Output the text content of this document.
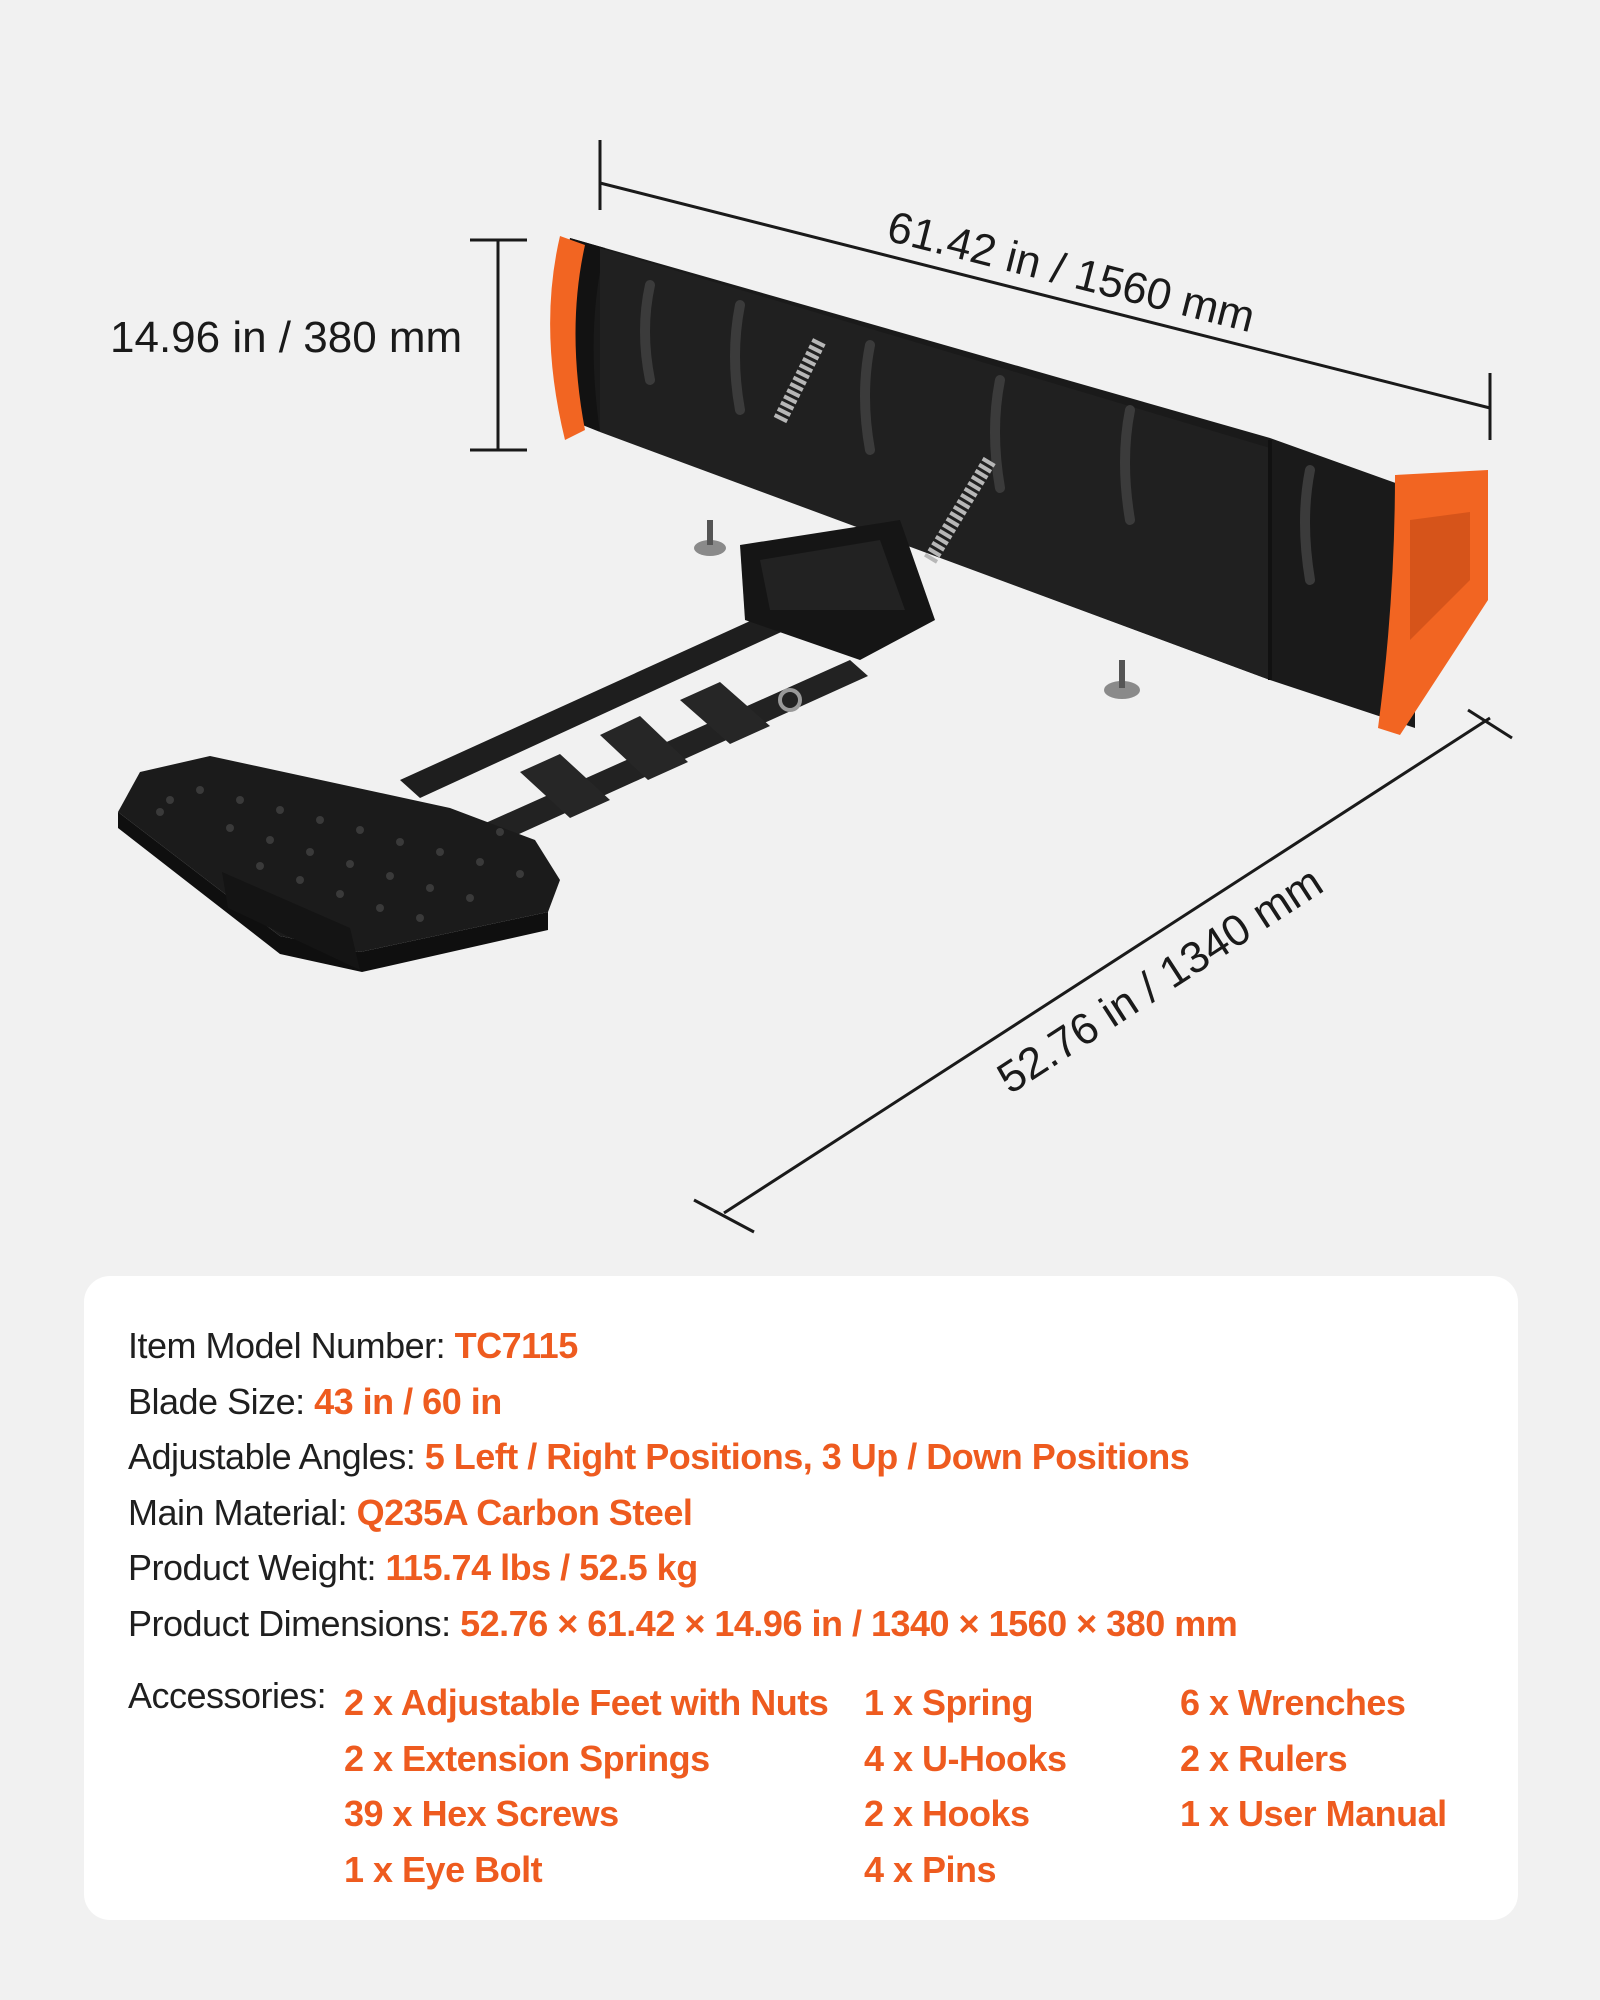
61.42 in / 1560 mm
14.96 in / 380 mm
52.76 in / 1340 mm
Item Model Number: TC7115
Blade Size: 43 in / 60 in
Adjustable Angles: 5 Left / Right Positions, 3 Up / Down Positions
Main Material: Q235A Carbon Steel
Product Weight: 115.74 lbs / 52.5 kg
Product Dimensions: 52.76 × 61.42 × 14.96 in / 1340 × 1560 × 380 mm
Accessories: 2 x Adjustable Feet with Nuts
2 x Extension Springs
39 x Hex Screws
1 x Eye Bolt
1 x Spring
4 x U-Hooks
2 x Hooks
4 x Pins
6 x Wrenches
2 x Rulers
1 x User Manual
